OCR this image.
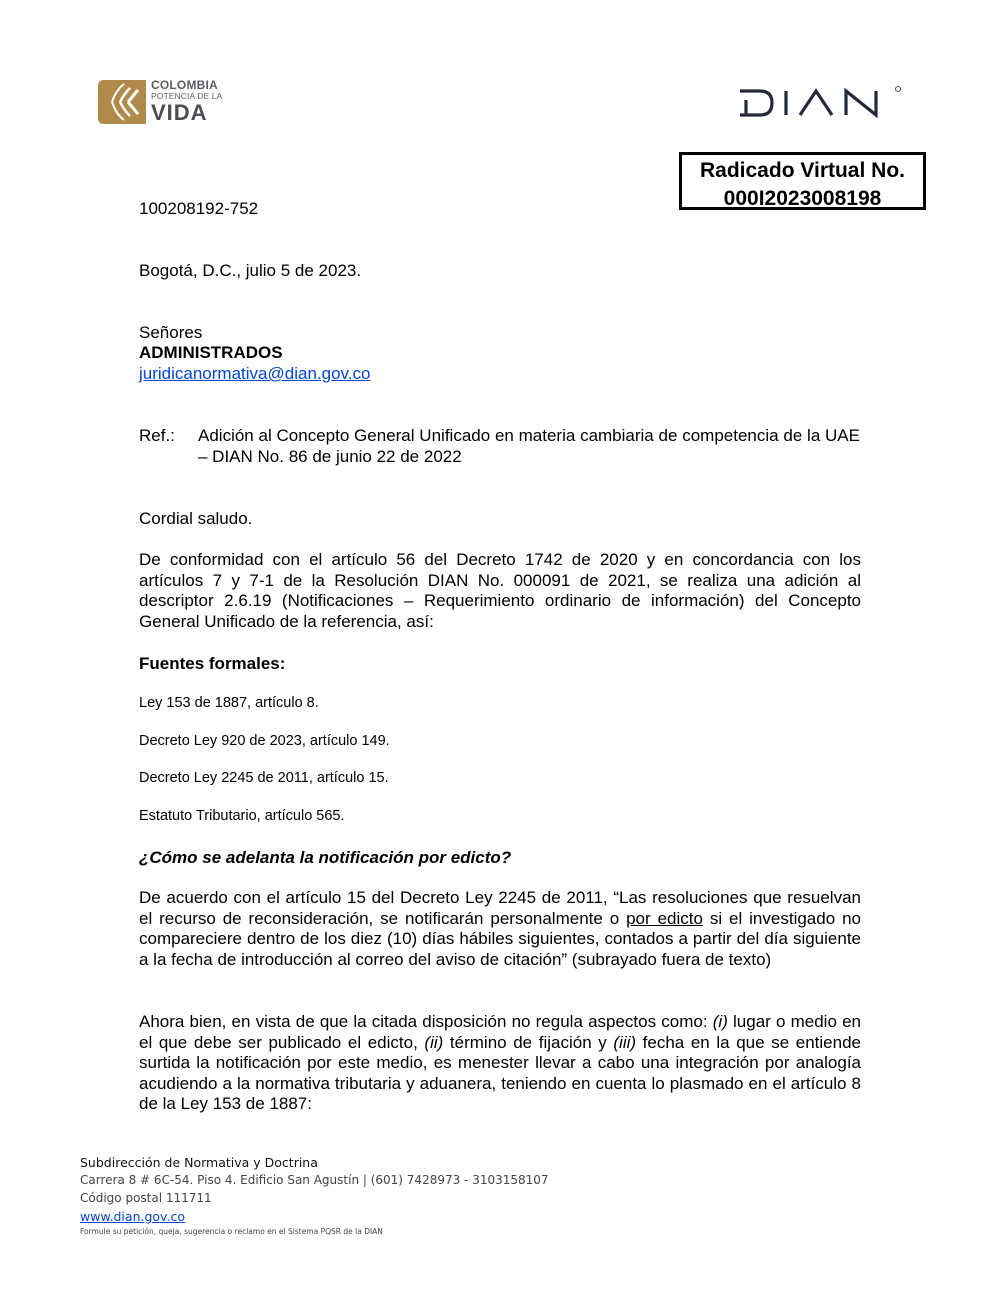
COLOMBIA
POTENCIA DE LA
VIDA
Radicado Virtual No.
000I2023008198
100208192-752
Bogotá, D.C., julio 5 de 2023.
Señores
ADMINISTRADOS
juridicanormativa@dian.gov.co
Ref.:	Adición al Concepto General Unificado en materia cambiaria de competencia de la UAE – DIAN No. 86 de junio 22 de 2022
Cordial saludo.
De conformidad con el artículo 56 del Decreto 1742 de 2020 y en concordancia con los artículos 7 y 7-1 de la Resolución DIAN No. 000091 de 2021, se realiza una adición al descriptor 2.6.19 (Notificaciones – Requerimiento ordinario de información) del Concepto General Unificado de la referencia, así:
Fuentes formales:
Ley 153 de 1887, artículo 8.
Decreto Ley 920 de 2023, artículo 149.
Decreto Ley 2245 de 2011, artículo 15.
Estatuto Tributario, artículo 565.
¿Cómo se adelanta la notificación por edicto?
De acuerdo con el artículo 15 del Decreto Ley 2245 de 2011, “Las resoluciones que resuelvan el recurso de reconsideración, se notificarán personalmente o por edicto si el investigado no compareciere dentro de los diez (10) días hábiles siguientes, contados a partir del día siguiente a la fecha de introducción al correo del aviso de citación” (subrayado fuera de texto)
Ahora bien, en vista de que la citada disposición no regula aspectos como: (i) lugar o medio en el que debe ser publicado el edicto, (ii) término de fijación y (iii) fecha en la que se entiende surtida la notificación por este medio, es menester llevar a cabo una integración por analogía acudiendo a la normativa tributaria y aduanera, teniendo en cuenta lo plasmado en el artículo 8 de la Ley 153 de 1887:
Subdirección de Normativa y Doctrina
Carrera 8 # 6C-54. Piso 4. Edificio San Agustín | (601) 7428973 - 3103158107
Código postal 111711
www.dian.gov.co
Formule su petición, queja, sugerencia o reclamo en el Sistema PQSR de la DIAN
